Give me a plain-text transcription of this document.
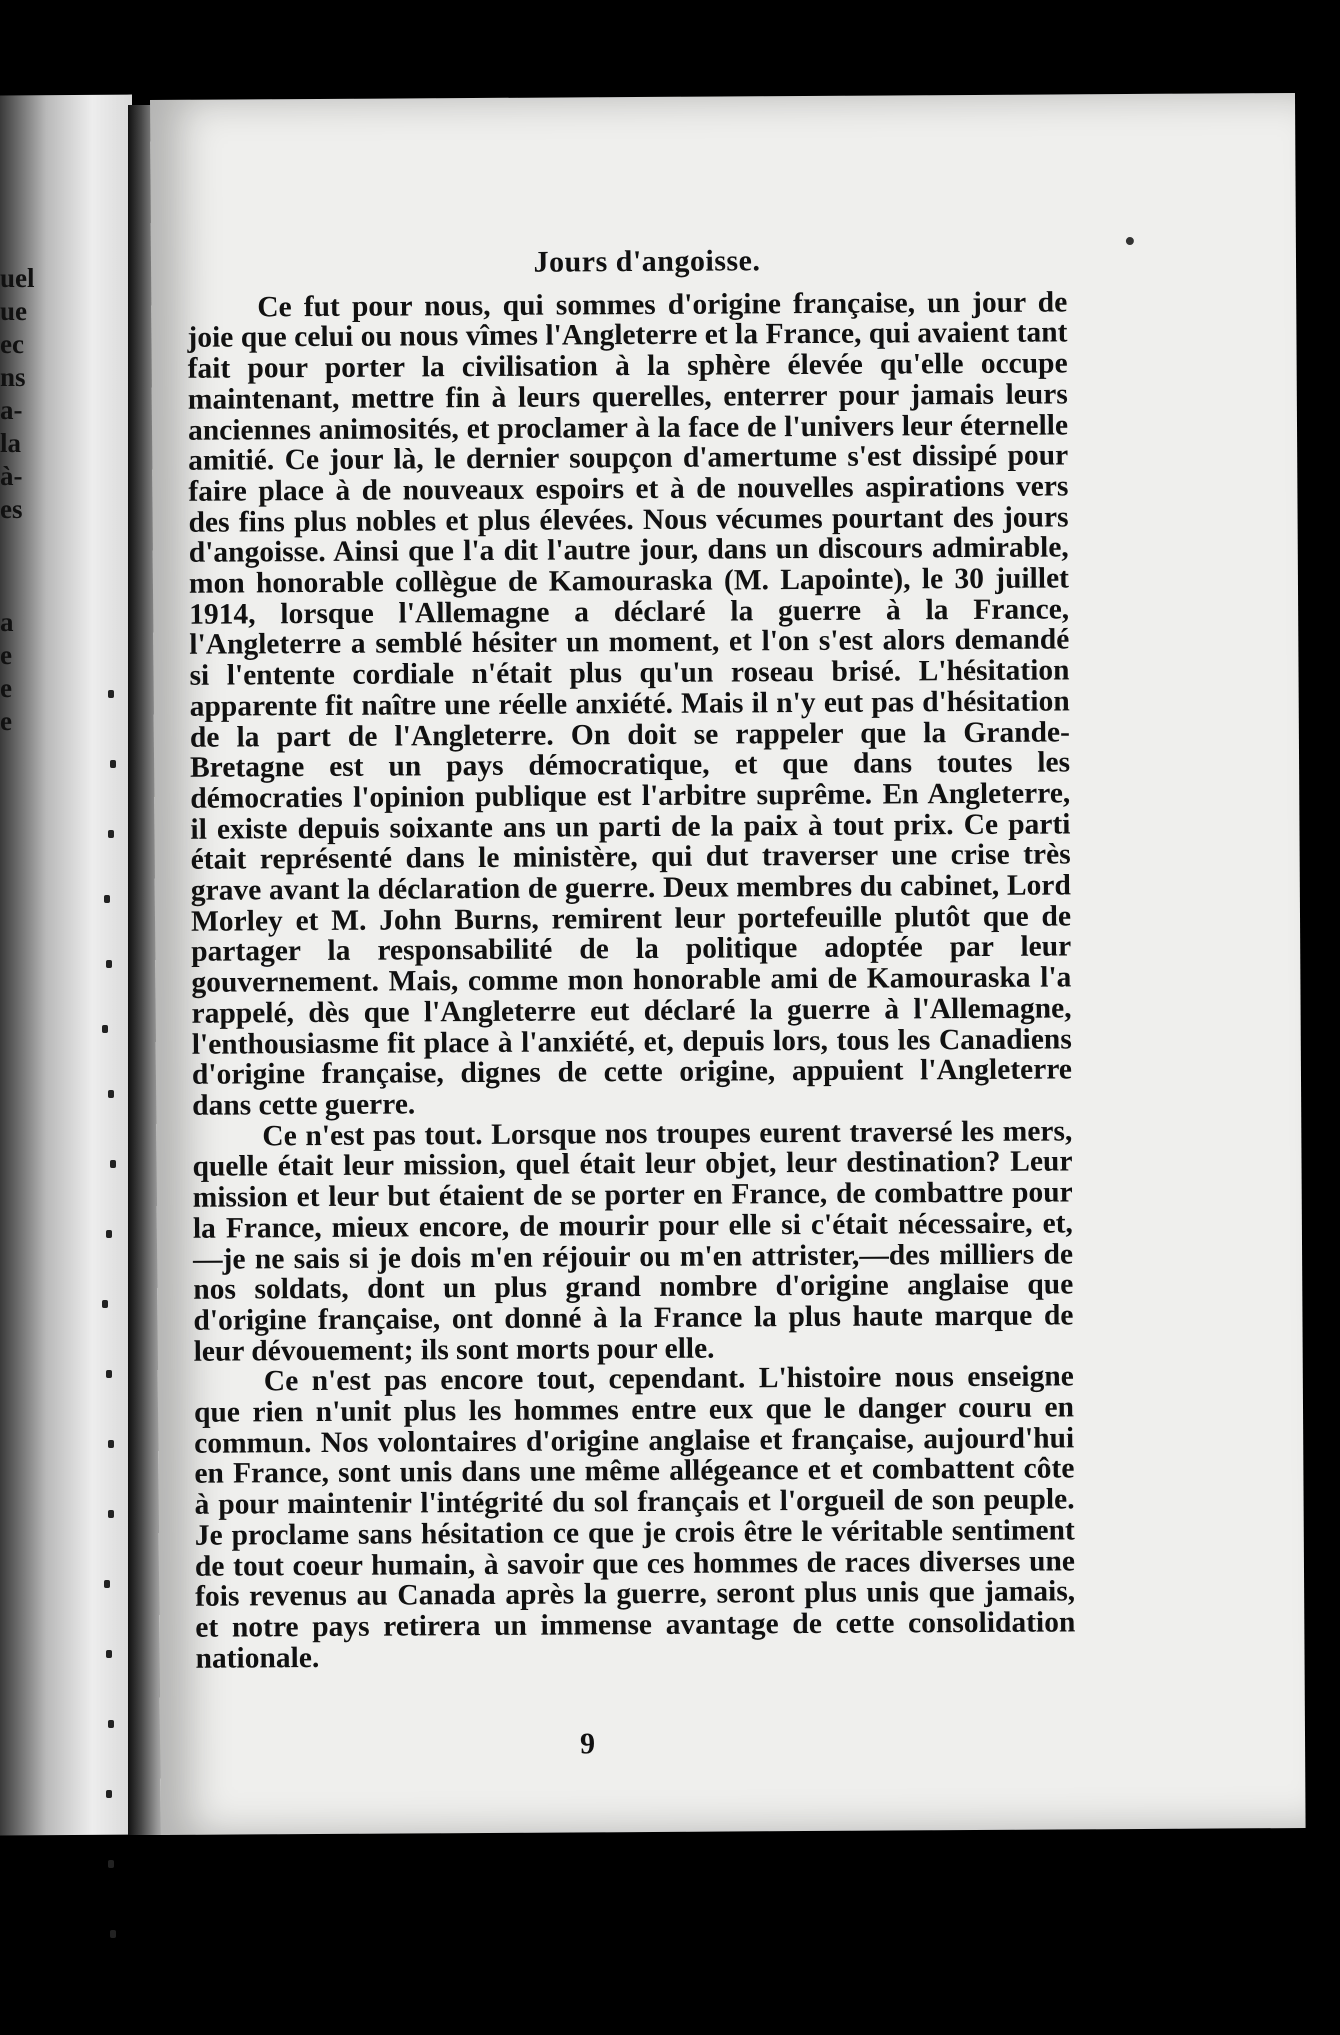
uel
ue
ec
ns
a-
la
à-
es
a
e
e
e
Jours d'angoisse.

Ce fut pour nous, qui sommes d'origine française, un jour de joie que celui ou nous vîmes l'Angleterre et la France, qui avaient tant fait pour porter la civilisation à la sphère élevée qu'elle occupe maintenant, mettre fin à leurs querelles, enterrer pour jamais leurs anciennes animosités, et proclamer à la face de l'univers leur éternelle amitié. Ce jour là, le dernier soupçon d'amertume s'est dissipé pour faire place à de nouveaux espoirs et à de nouvelles aspirations vers des fins plus nobles et plus élevées. Nous vécumes pourtant des jours d'angoisse. Ainsi que l'a dit l'autre jour, dans un discours admirable, mon honorable collègue de Kamouraska (M. Lapointe), le 30 juillet 1914, lorsque l'Allemagne a déclaré la guerre à la France, l'Angleterre a semblé hésiter un moment, et l'on s'est alors demandé si l'entente cordiale n'était plus qu'un roseau brisé. L'hésitation apparente fit naître une réelle anxiété. Mais il n'y eut pas d'hésitation de la part de l'Angleterre. On doit se rappeler que la Grande-Bretagne est un pays démocratique, et que dans toutes les démocraties l'opinion publique est l'arbitre suprême. En Angleterre, il existe depuis soixante ans un parti de la paix à tout prix. Ce parti était représenté dans le ministère, qui dut traverser une crise très grave avant la déclaration de guerre. Deux membres du cabinet, Lord Morley et M. John Burns, remirent leur portefeuille plutôt que de partager la responsabilité de la politique adoptée par leur gouvernement. Mais, comme mon honorable ami de Kamouraska l'a rappelé, dès que l'Angleterre eut déclaré la guerre à l'Allemagne, l'enthousiasme fit place à l'anxiété, et, depuis lors, tous les Canadiens d'origine française, dignes de cette origine, appuient l'Angleterre dans cette guerre.

Ce n'est pas tout. Lorsque nos troupes eurent traversé les mers, quelle était leur mission, quel était leur objet, leur destination? Leur mission et leur but étaient de se porter en France, de combattre pour la France, mieux encore, de mourir pour elle si c'était nécessaire, et,—je ne sais si je dois m'en réjouir ou m'en attrister,—des milliers de nos soldats, dont un plus grand nombre d'origine anglaise que d'origine française, ont donné à la France la plus haute marque de leur dévouement; ils sont morts pour elle.

Ce n'est pas encore tout, cependant. L'histoire nous enseigne que rien n'unit plus les hommes entre eux que le danger couru en commun. Nos volontaires d'origine anglaise et française, aujourd'hui en France, sont unis dans une même allégeance et et combattent côte à pour maintenir l'intégrité du sol français et l'orgueil de son peuple. Je proclame sans hésitation ce que je crois être le véritable sentiment de tout coeur humain, à savoir que ces hommes de races diverses une fois revenus au Canada après la guerre, seront plus unis que jamais, et notre pays retirera un immense avantage de cette consolidation nationale.

9
